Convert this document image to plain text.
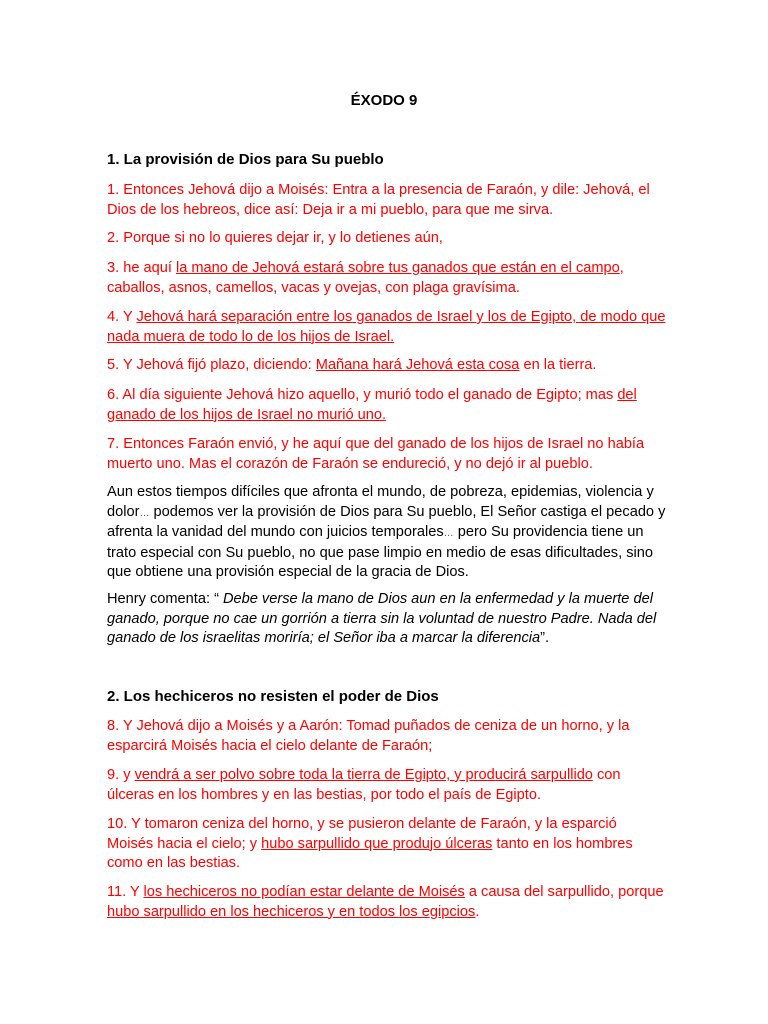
ÉXODO 9

1. La provisión de Dios para Su pueblo

1. Entonces Jehová dijo a Moisés: Entra a la presencia de Faraón, y dile: Jehová, el Dios de los hebreos, dice así: Deja ir a mi pueblo, para que me sirva.

2. Porque si no lo quieres dejar ir, y lo detienes aún,

3. he aquí la mano de Jehová estará sobre tus ganados que están en el campo, caballos, asnos, camellos, vacas y ovejas, con plaga gravísima.

4. Y Jehová hará separación entre los ganados de Israel y los de Egipto, de modo que nada muera de todo lo de los hijos de Israel.

5. Y Jehová fijó plazo, diciendo: Mañana hará Jehová esta cosa en la tierra.

6. Al día siguiente Jehová hizo aquello, y murió todo el ganado de Egipto; mas del ganado de los hijos de Israel no murió uno.

7. Entonces Faraón envió, y he aquí que del ganado de los hijos de Israel no había muerto uno. Mas el corazón de Faraón se endureció, y no dejó ir al pueblo.

Aun estos tiempos difíciles que afronta el mundo, de pobreza, epidemias, violencia y dolor… podemos ver la provisión de Dios para Su pueblo, El Señor castiga el pecado y afrenta la vanidad del mundo con juicios temporales… pero Su providencia tiene un trato especial con Su pueblo, no que pase limpio en medio de esas dificultades, sino que obtiene una provisión especial de la gracia de Dios.

Henry comenta: “ Debe verse la mano de Dios aun en la enfermedad y la muerte del ganado, porque no cae un gorrión a tierra sin la voluntad de nuestro Padre. Nada del ganado de los israelitas moriría; el Señor iba a marcar la diferencia”.

2. Los hechiceros no resisten el poder de Dios

8. Y Jehová dijo a Moisés y a Aarón: Tomad puñados de ceniza de un horno, y la esparcirá Moisés hacia el cielo delante de Faraón;

9. y vendrá a ser polvo sobre toda la tierra de Egipto, y producirá sarpullido con úlceras en los hombres y en las bestias, por todo el país de Egipto.

10. Y tomaron ceniza del horno, y se pusieron delante de Faraón, y la esparció Moisés hacia el cielo; y hubo sarpullido que produjo úlceras tanto en los hombres como en las bestias.

11. Y los hechiceros no podían estar delante de Moisés a causa del sarpullido, porque hubo sarpullido en los hechiceros y en todos los egipcios.
